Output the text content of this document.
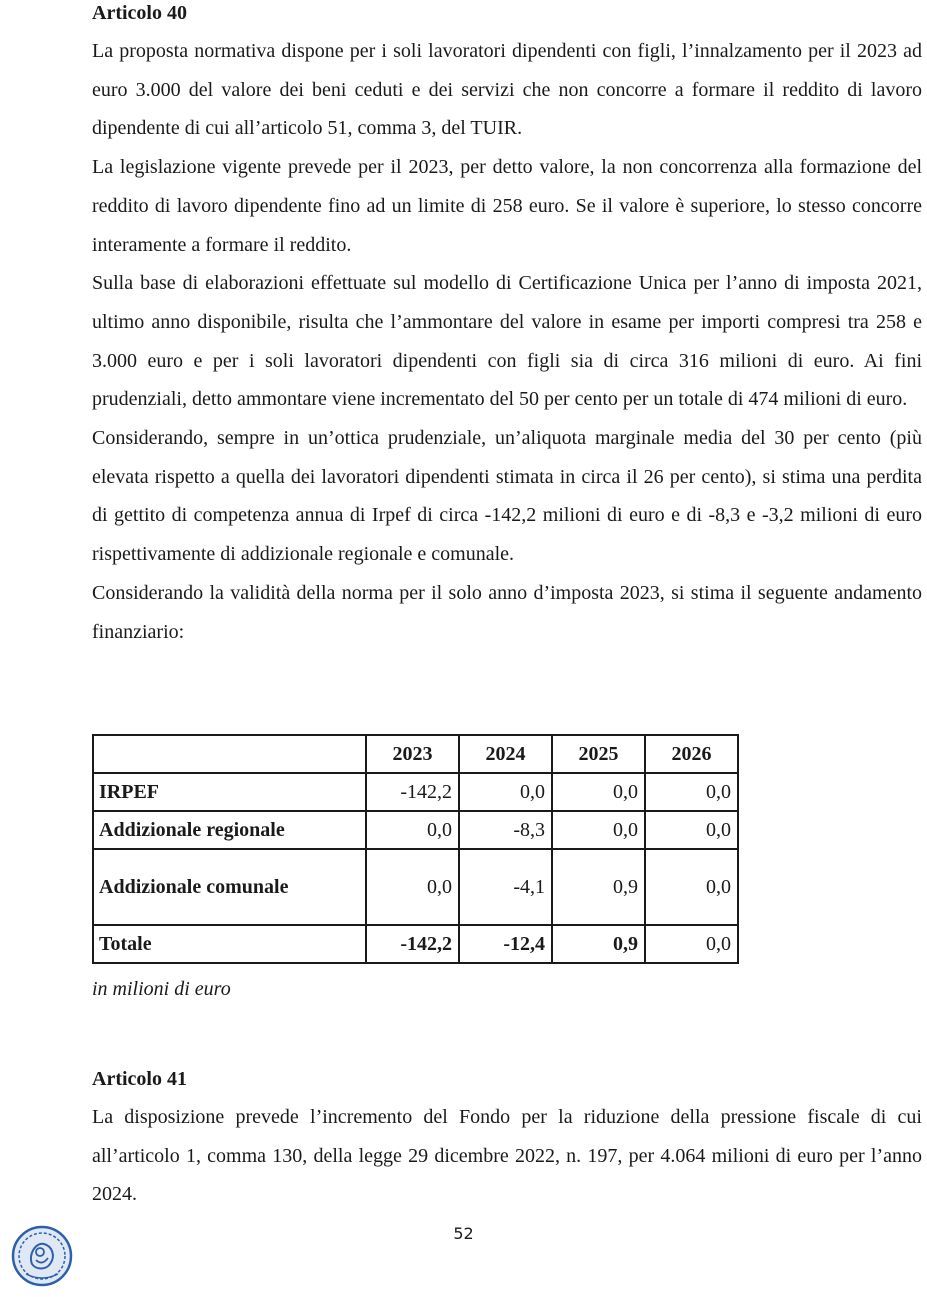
Articolo 40

La proposta normativa dispone per i soli lavoratori dipendenti con figli, l’innalzamento per il 2023 ad euro 3.000 del valore dei beni ceduti e dei servizi che non concorre a formare il reddito di lavoro dipendente di cui all’articolo 51, comma 3, del TUIR.

La legislazione vigente prevede per il 2023, per detto valore, la non concorrenza alla formazione del reddito di lavoro dipendente fino ad un limite di 258 euro. Se il valore è superiore, lo stesso concorre interamente a formare il reddito.

Sulla base di elaborazioni effettuate sul modello di Certificazione Unica per l’anno di imposta 2021, ultimo anno disponibile, risulta che l’ammontare del valore in esame per importi compresi tra 258 e 3.000 euro e per i soli lavoratori dipendenti con figli sia di circa 316 milioni di euro. Ai fini prudenziali, detto ammontare viene incrementato del 50 per cento per un totale di 474 milioni di euro.

Considerando, sempre in un’ottica prudenziale, un’aliquota marginale media del 30 per cento (più elevata rispetto a quella dei lavoratori dipendenti stimata in circa il 26 per cento), si stima una perdita di gettito di competenza annua di Irpef di circa -142,2 milioni di euro e di -8,3 e -3,2 milioni di euro rispettivamente di addizionale regionale e comunale.

Considerando la validità della norma per il solo anno d’imposta 2023, si stima il seguente andamento finanziario:

	2023	2024	2025	2026
IRPEF	-142,2	0,0	0,0	0,0
Addizionale regionale	0,0	-8,3	0,0	0,0
Addizionale comunale	0,0	-4,1	0,9	0,0
Totale	-142,2	-12,4	0,9	0,0
in milioni di euro
Articolo 41

La disposizione prevede l’incremento del Fondo per la riduzione della pressione fiscale di cui all’articolo 1, comma 130, della legge 29 dicembre 2022, n. 197, per 4.064 milioni di euro per l’anno 2024.

52
